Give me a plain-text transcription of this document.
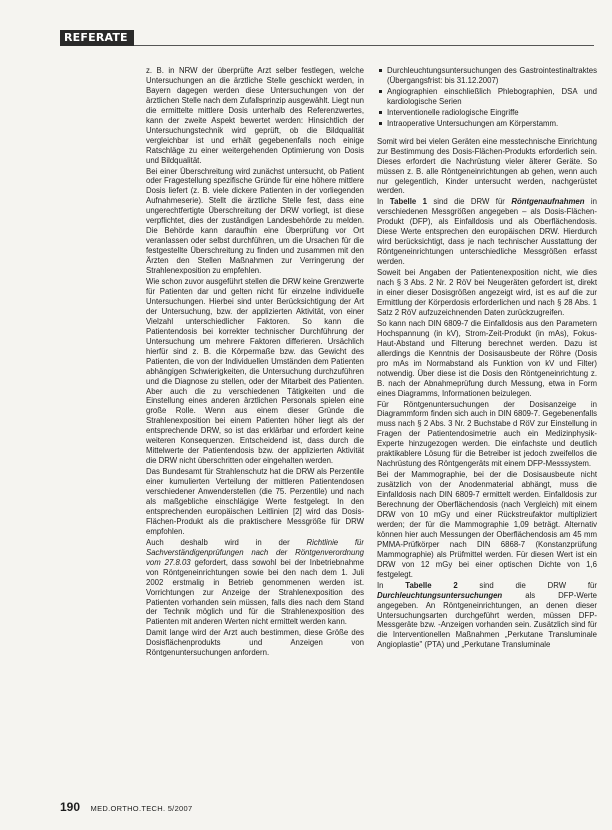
REFERATE

z. B. in NRW der überprüfte Arzt selber festlegen, welche Untersuchungen an die ärztliche Stelle geschickt werden, in Bayern dagegen werden diese Untersuchungen von der ärztlichen Stelle nach dem Zufallsprinzip ausgewählt. Liegt nun die ermittelte mittlere Dosis unterhalb des Referenzwertes, kann der zweite Aspekt bewertet werden: Hinsichtlich der Untersuchungstechnik wird geprüft, ob die Bildqualität vergleichbar ist und erhält gegebenenfalls noch einige Ratschläge zu einer weitergehenden Optimierung von Dosis und Bildqualität.

Bei einer Überschreitung wird zunächst untersucht, ob Patient oder Fragestellung spezifische Gründe für eine höhere mittlere Dosis liefert (z. B. viele dickere Patienten in der vorliegenden Aufnahmeserie). Stellt die ärztliche Stelle fest, dass eine ungerechtfertigte Überschreitung der DRW vorliegt, ist diese verpflichtet, dies der zuständigen Landesbehörde zu melden. Die Behörde kann daraufhin eine Überprüfung vor Ort veranlassen oder selbst durchführen, um die Ursachen für die festgestellte Überschreitung zu finden und zusammen mit den Ärzten den Stellen Maßnahmen zur Verringerung der Strahlenexposition zu empfehlen.

Wie schon zuvor ausgeführt stellen die DRW keine Grenzwerte für Patienten dar und gelten nicht für einzelne individuelle Untersuchungen. Hierbei sind unter Berücksichtigung der Art der Untersuchung, bzw. der applizierten Aktivität, von einer Vielzahl unterschiedlicher Faktoren. So kann die Patientendosis bei korrekter technischer Durchführung der Untersuchung um mehrere Faktoren differieren. Ursächlich hierfür sind z. B. die Körpermaße bzw. das Gewicht des Patienten, die von der Individuellen Umständen dem Patienten abhängigen Schwierigkeiten, die Untersuchung durchzuführen und die Diagnose zu stellen, oder der Mitarbeit des Patienten. Aber auch die zu verschiedenen Tätigkeiten und die Einstellung eines anderen ärztlichen Personals spielen eine große Rolle. Wenn aus einem dieser Gründe die Strahlenexposition bei einem Patienten höher liegt als der entsprechende DRW, so ist das erklärbar und erfordert keine weiteren Konsequenzen. Entscheidend ist, dass durch die Mittelwerte der Patientendosis bzw. der applizierten Aktivität die DRW nicht überschritten oder eingehalten werden.

Das Bundesamt für Strahlenschutz hat die DRW als Perzentile einer kumulierten Verteilung der mittleren Patientendosen verschiedener Anwenderstellen (die 75. Perzentile) und nach als maßgebliche einschlägige Werte festgelegt. In den entsprechenden europäischen Leitlinien [2] wird das Dosis-Flächen-Produkt als die praktischere Messgröße für DRW empfohlen.

Auch deshalb wird in der Richtlinie für Sachverständigenprüfungen nach der Röntgenverordnung vom 27.8.03 gefordert, dass sowohl bei der Inbetriebnahme von Röntgeneinrichtungen sowie bei den nach dem 1. Juli 2002 erstmalig in Betrieb genommenen werden ist. Vorrichtungen zur Anzeige der Strahlenexposition des Patienten vorhanden sein müssen, falls dies nach dem Stand der Technik möglich und für die Strahlenexposition des Patienten mit anderen Werten nicht ermittelt werden kann.

Damit lange wird der Arzt auch bestimmen, diese Größe des Dosisflächenprodukts und Anzeigen von Röntgenuntersuchungen anfordern.

Durchleuchtungsuntersuchungen des Gastrointestinaltraktes (Übergangsfrist: bis 31.12.2007)
Angiographien einschließlich Phlebographien, DSA und kardiologische Serien
Interventionelle radiologische Eingriffe
Intraoperative Untersuchungen am Körperstamm.

Somit wird bei vielen Geräten eine messtechnische Einrichtung zur Bestimmung des Dosis-Flächen-Produkts erforderlich sein. Dieses erfordert die Nachrüstung vieler älterer Geräte. So müssen z. B. alle Röntgeneinrichtungen ab gehen, wenn auch nur gelegentlich, Kinder untersucht werden, nachgerüstet werden.

In Tabelle 1 sind die DRW für Röntgenaufnahmen in verschiedenen Messgrößen angegeben – als Dosis-Flächen-Produkt (DFP), als Einfalldosis und als Oberflächendosis. Diese Werte entsprechen den europäischen DRW. Hierdurch wird berücksichtigt, dass je nach technischer Ausstattung der Röntgeneinrichtungen unterschiedliche Messgrößen erfasst werden.

Soweit bei Angaben der Patientenexposition nicht, wie dies nach § 3 Abs. 2 Nr. 2 RöV bei Neugeräten gefordert ist, direkt in einer dieser Dosisgrößen angezeigt wird, ist es auf die zur Ermittlung der Körperdosis erforderlichen und nach § 28 Abs. 1 Satz 2 RöV aufzuzeichnenden Daten zurückzugreifen.

So kann nach DIN 6809-7 die Einfalldosis aus den Parametern Hochspannung (in kV), Strom-Zeit-Produkt (in mAs), Fokus-Haut-Abstand und Filterung berechnet werden. Dazu ist allerdings die Kenntnis der Dosisausbeute der Röhre (Dosis pro mAs im Normabstand als Funktion von kV und Filter) notwendig. Über diese ist die Dosis den Röntgeneinrichtung z. B. nach der Abnahmeprüfung durch Messung, etwa in Form eines Diagramms, Informationen beizulegen.

Für Röntgenuntersuchungen der Dosisanzeige in Diagrammform finden sich auch in DIN 6809-7. Gegebenenfalls muss nach § 2 Abs. 3 Nr. 2 Buchstabe d RöV zur Einstellung in Fragen der Patientendosimetrie auch ein Medizinphysik-Experte hinzugezogen werden. Die einfachste und deutlich praktikablere Lösung für die Betreiber ist jedoch zweifellos die Nachrüstung des Röntgengeräts mit einem DFP-Messsystem.

Bei der Mammographie, bei der die Dosisausbeute nicht zusätzlich von der Anodenmaterial abhängt, muss die Einfalldosis nach DIN 6809-7 ermittelt werden. Einfalldosis zur Berechnung der Oberflächendosis (nach Vergleich) mit einem DRW von 10 mGy und einer Rückstreufaktor multipliziert werden; der für die Mammographie 1,09 beträgt. Alternativ können hier auch Messungen der Oberflächendosis am 45 mm PMMA-Prüfkörper nach DIN 6868-7 (Konstanzprüfung Mammographie) als Prüfmittel werden. Für diesen Wert ist ein DRW von 12 mGy bei einer optischen Dichte von 1,6 festgelegt.

In Tabelle 2 sind die DRW für Durchleuchtungsuntersuchungen als DFP-Werte angegeben. An Röntgeneinrichtungen, an denen dieser Untersuchungsarten durchgeführt werden, müssen DFP-Messgeräte bzw. -Anzeigen vorhanden sein. Zusätzlich sind für die Interventionellen Maßnahmen „Perkutane Transluminale Angioplastie" (PTA) und „Perkutane Transluminale

190 MED.ORTHO.TECH. 5/2007
